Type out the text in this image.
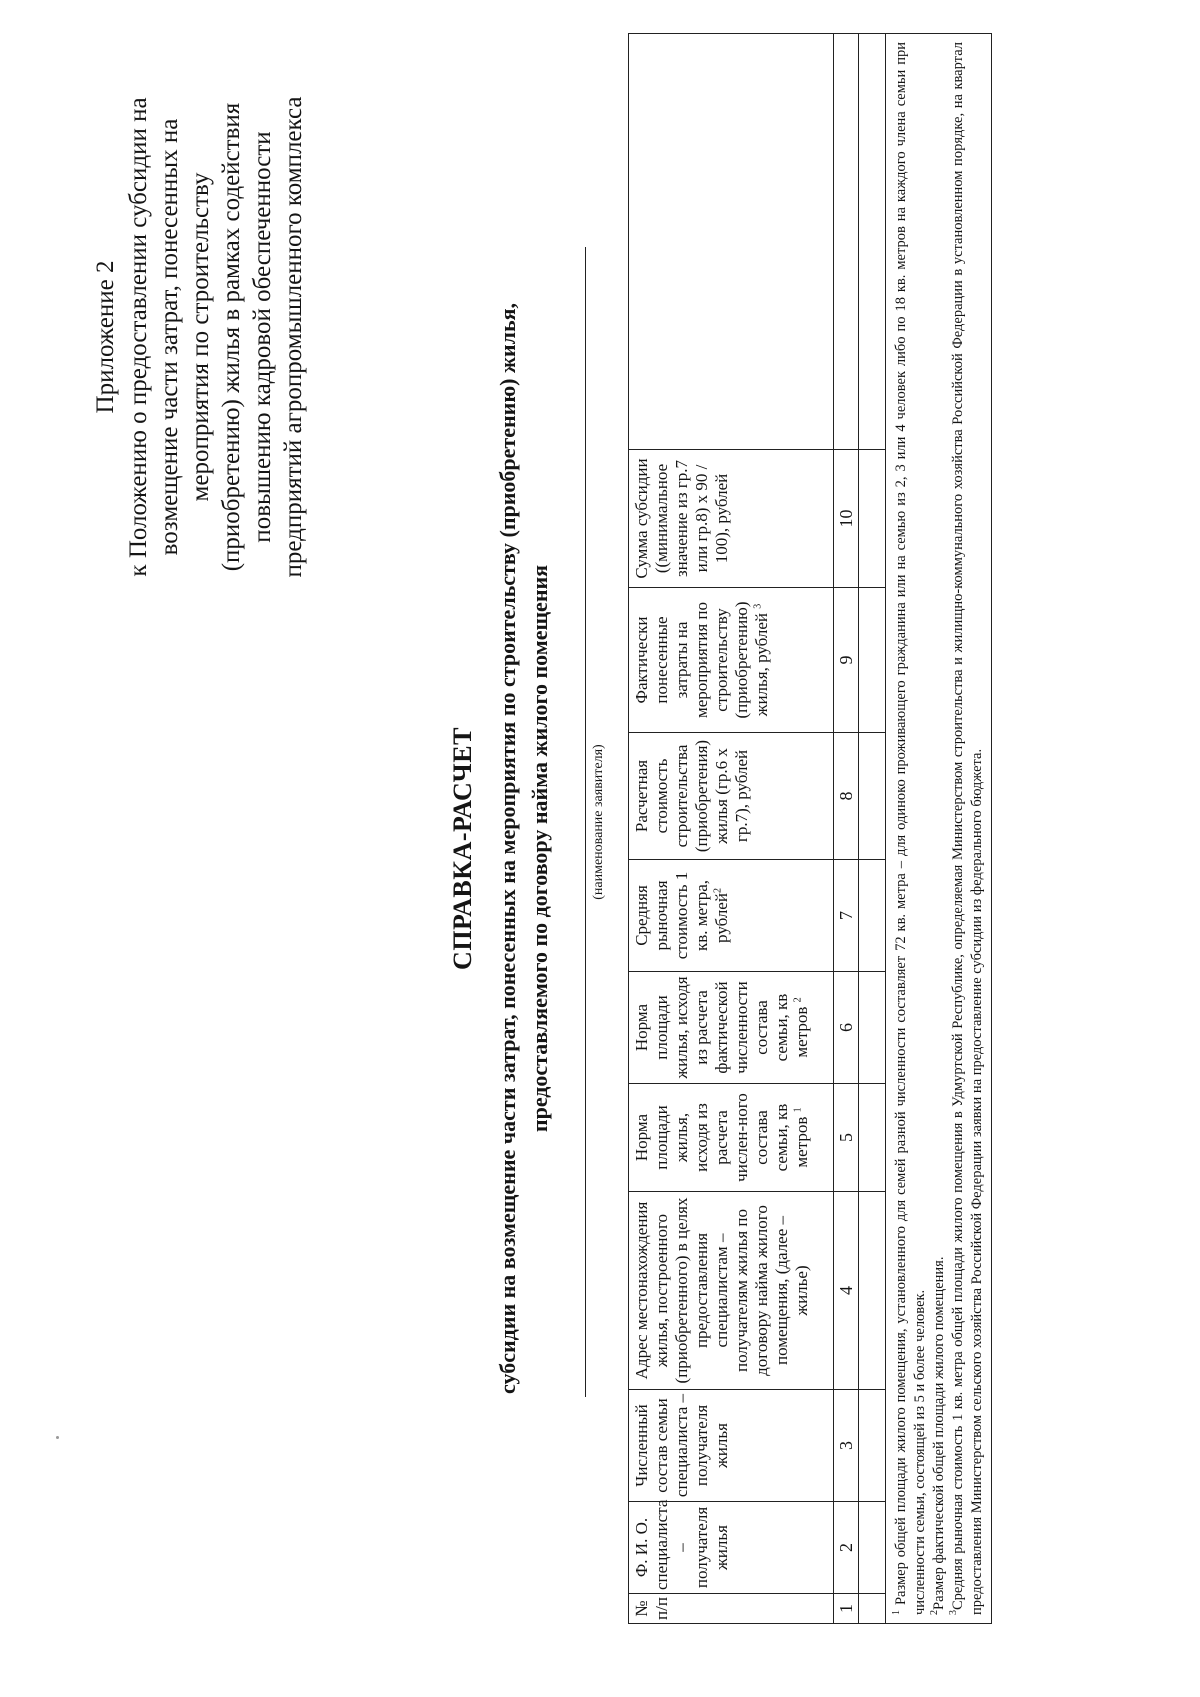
Приложение 2 к Положению о предоставлении субсидии на возмещение части затрат, понесенных на мероприятия по строительству (приобретению) жилья в рамках содействия повышению кадровой обеспеченности предприятий агропромышленного комплекса
СПРАВКА-РАСЧЕТ субсидии на возмещение части затрат, понесенных на мероприятия по строительству (приобретению) жилья, предоставляемого по договору найма жилого помещения	(наименование заявителя)
№ п/п	Ф. И. О. специалиста – получателя жилья	Численный состав семьи специалиста – получателя жилья	Адрес местонахождения жилья, построенного (приобретенного) в целях предоставления специалистам – получателям жилья по договору найма жилого помещения, (далее – жилье)	Норма площади жилья, исходя из расчета числен-ного состава семьи, кв метров $^1$	Норма площади жилья, исходя из расчета фактической численности состава семьи, кв метров $^2$	Средняя рыночная стоимость 1 кв. метра, рублей$^2$	Расчетная стоимость строительства (приобретения) жилья (гр.6 х гр.7), рублей	Фактически понесенные затраты на мероприятия по строительству (приобретению) жилья, рублей $^3$	Сумма субсидии ((минимальное значение из гр.7 или гр.8) х 90 / 100), рублей	
1	2	3	4	5	6	7	8	9	10	

$^1$ Размер общей площади жилого помещения, установленного для семей разной численности составляет 72 кв. метра – для одиноко проживающего гражданина или на семью из 2, 3 или 4 человек либо по 18 кв. метров на каждого члена семьи при численности семьи, состоящей из 5 и более человек. $^2$Размер фактической общей площади жилого помещения.

$^3$Средняя рыночная стоимость 1 кв. метра общей площади жилого помещения в Удмуртской Республике, определяемая Министерством строительства и жилищно-коммунального хозяйства Российской Федерации в установленном порядке, на квартал предоставления Министерством сельского хозяйства Российской Федерации заявки на предоставление субсидии из федерального бюджета.										
